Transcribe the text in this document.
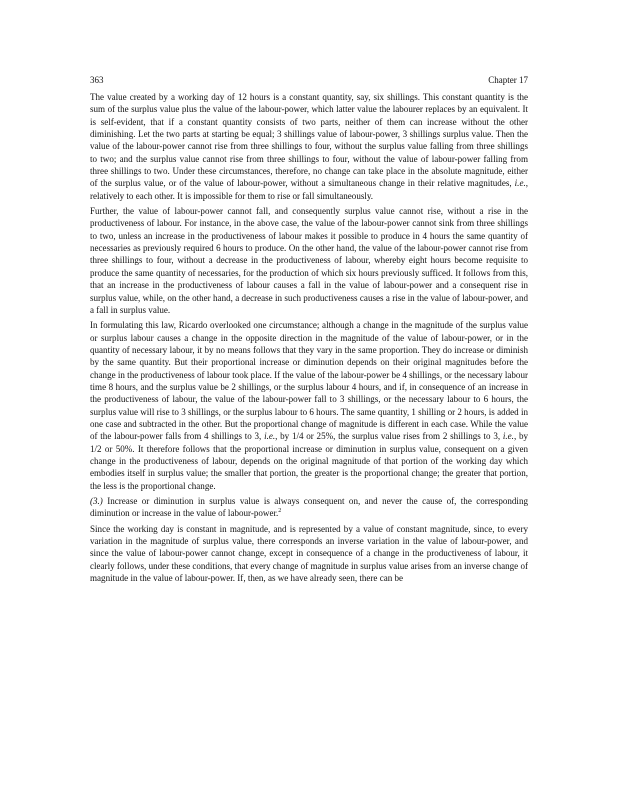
363	Chapter 17

The value created by a working day of 12 hours is a constant quantity, say, six shillings. This constant quantity is the sum of the surplus value plus the value of the labour-power, which latter value the labourer replaces by an equivalent. It is self-evident, that if a constant quantity consists of two parts, neither of them can increase without the other diminishing. Let the two parts at starting be equal; 3 shillings value of labour-power, 3 shillings surplus value. Then the value of the labour-power cannot rise from three shillings to four, without the surplus value falling from three shillings to two; and the surplus value cannot rise from three shillings to four, without the value of labour-power falling from three shillings to two. Under these circumstances, therefore, no change can take place in the absolute magnitude, either of the surplus value, or of the value of labour-power, without a simultaneous change in their relative magnitudes, i.e., relatively to each other. It is impossible for them to rise or fall simultaneously.

Further, the value of labour-power cannot fall, and consequently surplus value cannot rise, without a rise in the productiveness of labour. For instance, in the above case, the value of the labour-power cannot sink from three shillings to two, unless an increase in the productiveness of labour makes it possible to produce in 4 hours the same quantity of necessaries as previously required 6 hours to produce. On the other hand, the value of the labour-power cannot rise from three shillings to four, without a decrease in the productiveness of labour, whereby eight hours become requisite to produce the same quantity of necessaries, for the production of which six hours previously sufficed. It follows from this, that an increase in the productiveness of labour causes a fall in the value of labour-power and a consequent rise in surplus value, while, on the other hand, a decrease in such productiveness causes a rise in the value of labour-power, and a fall in surplus value.

In formulating this law, Ricardo overlooked one circumstance; although a change in the magnitude of the surplus value or surplus labour causes a change in the opposite direction in the magnitude of the value of labour-power, or in the quantity of necessary labour, it by no means follows that they vary in the same proportion. They do increase or diminish by the same quantity. But their proportional increase or diminution depends on their original magnitudes before the change in the productiveness of labour took place. If the value of the labour-power be 4 shillings, or the necessary labour time 8 hours, and the surplus value be 2 shillings, or the surplus labour 4 hours, and if, in consequence of an increase in the productiveness of labour, the value of the labour-power fall to 3 shillings, or the necessary labour to 6 hours, the surplus value will rise to 3 shillings, or the surplus labour to 6 hours. The same quantity, 1 shilling or 2 hours, is added in one case and subtracted in the other. But the proportional change of magnitude is different in each case. While the value of the labour-power falls from 4 shillings to 3, i.e., by 1/4 or 25%, the surplus value rises from 2 shillings to 3, i.e., by 1/2 or 50%. It therefore follows that the proportional increase or diminution in surplus value, consequent on a given change in the productiveness of labour, depends on the original magnitude of that portion of the working day which embodies itself in surplus value; the smaller that portion, the greater is the proportional change; the greater that portion, the less is the proportional change.

(3.) Increase or diminution in surplus value is always consequent on, and never the cause of, the corresponding diminution or increase in the value of labour-power.$^2$

Since the working day is constant in magnitude, and is represented by a value of constant magnitude, since, to every variation in the magnitude of surplus value, there corresponds an inverse variation in the value of labour-power, and since the value of labour-power cannot change, except in consequence of a change in the productiveness of labour, it clearly follows, under these conditions, that every change of magnitude in surplus value arises from an inverse change of magnitude in the value of labour-power. If, then, as we have already seen, there can be
